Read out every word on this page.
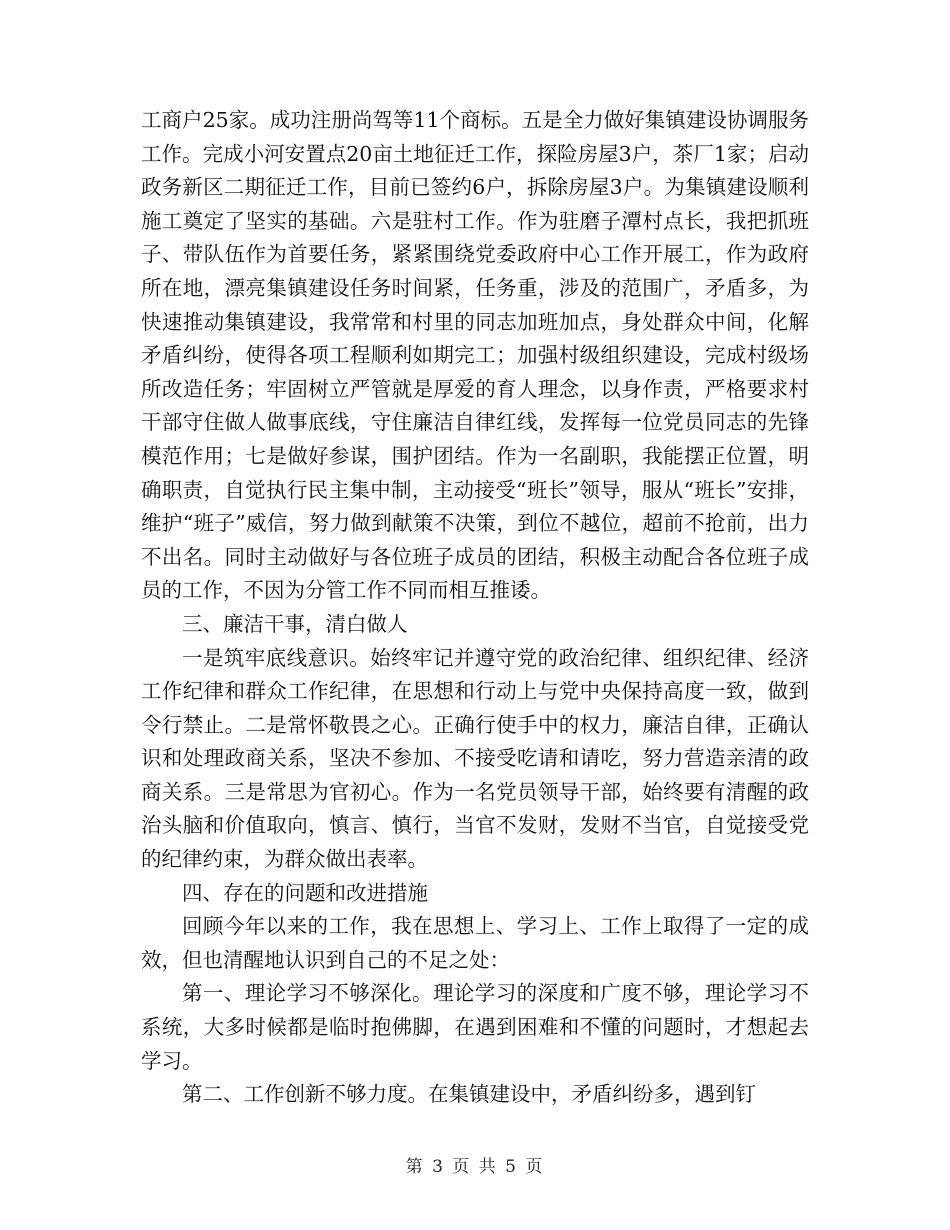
工商户25家。成功注册尚驾等11个商标。五是全力做好集镇建设协调服务工作。完成小河安置点20亩土地征迁工作，探险房屋3户，茶厂1家；启动政务新区二期征迁工作，目前已签约6户，拆除房屋3户。为集镇建设顺利施工奠定了坚实的基础。六是驻村工作。作为驻磨子潭村点长，我把抓班子、带队伍作为首要任务，紧紧围绕党委政府中心工作开展工，作为政府所在地，漂亮集镇建设任务时间紧，任务重，涉及的范围广，矛盾多，为快速推动集镇建设，我常常和村里的同志加班加点，身处群众中间，化解矛盾纠纷，使得各项工程顺利如期完工；加强村级组织建设，完成村级场所改造任务；牢固树立严管就是厚爱的育人理念，以身作责，严格要求村干部守住做人做事底线，守住廉洁自律红线，发挥每一位党员同志的先锋模范作用；七是做好参谋，围护团结。作为一名副职，我能摆正位置，明确职责，自觉执行民主集中制，主动接受“班长”领导，服从“班长”安排，维护“班子”威信，努力做到献策不决策，到位不越位，超前不抢前，出力不出名。同时主动做好与各位班子成员的团结，积极主动配合各位班子成员的工作，不因为分管工作不同而相互推诿。

三、廉洁干事，清白做人

一是筑牢底线意识。始终牢记并遵守党的政治纪律、组织纪律、经济工作纪律和群众工作纪律，在思想和行动上与党中央保持高度一致，做到令行禁止。二是常怀敬畏之心。正确行使手中的权力，廉洁自律，正确认识和处理政商关系，坚决不参加、不接受吃请和请吃，努力营造亲清的政商关系。三是常思为官初心。作为一名党员领导干部，始终要有清醒的政治头脑和价值取向，慎言、慎行，当官不发财，发财不当官，自觉接受党的纪律约束，为群众做出表率。

四、存在的问题和改进措施

回顾今年以来的工作，我在思想上、学习上、工作上取得了一定的成效，但也清醒地认识到自己的不足之处：

第一、理论学习不够深化。理论学习的深度和广度不够，理论学习不系统，大多时候都是临时抱佛脚，在遇到困难和不懂的问题时，才想起去学习。

第二、工作创新不够力度。在集镇建设中，矛盾纠纷多，遇到钉

第 3 页 共 5 页
